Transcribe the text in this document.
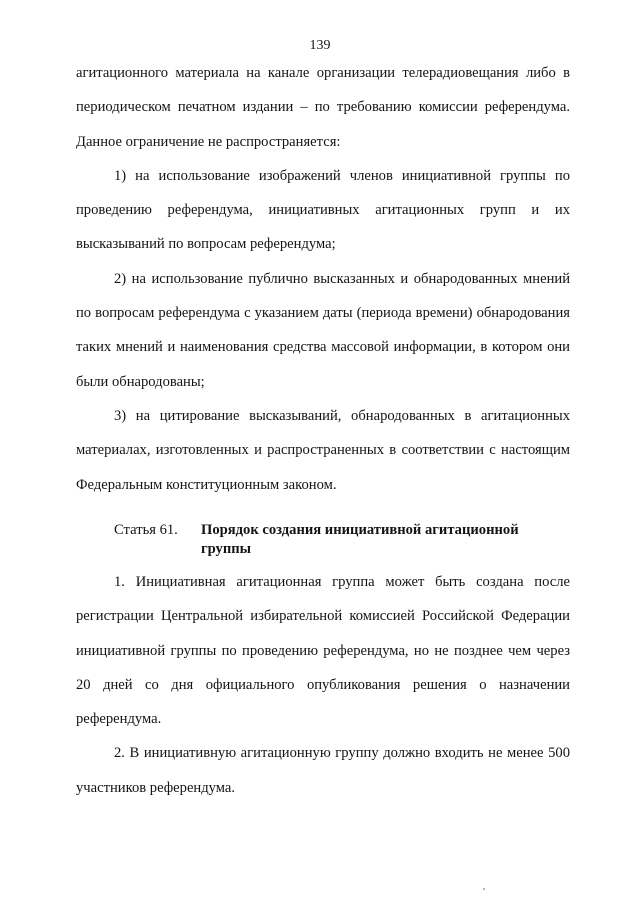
139

агитационного материала на канале организации телерадиовещания либо в периодическом печатном издании – по требованию комиссии референдума. Данное ограничение не распространяется:

1) на использование изображений членов инициативной группы по проведению референдума, инициативных агитационных групп и их высказываний по вопросам референдума;

2) на использование публично высказанных и обнародованных мнений по вопросам референдума с указанием даты (периода времени) обнародования таких мнений и наименования средства массовой информации, в котором они были обнародованы;

3) на цитирование высказываний, обнародованных в агитационных материалах, изготовленных и распространенных в соответствии с настоящим Федеральным конституционным законом.

Статья 61. Порядок создания инициативной агитационной группы

1. Инициативная агитационная группа может быть создана после регистрации Центральной избирательной комиссией Российской Федерации инициативной группы по проведению референдума, но не позднее чем через 20 дней со дня официального опубликования решения о назначении референдума.

2. В инициативную агитационную группу должно входить не менее 500 участников референдума.
